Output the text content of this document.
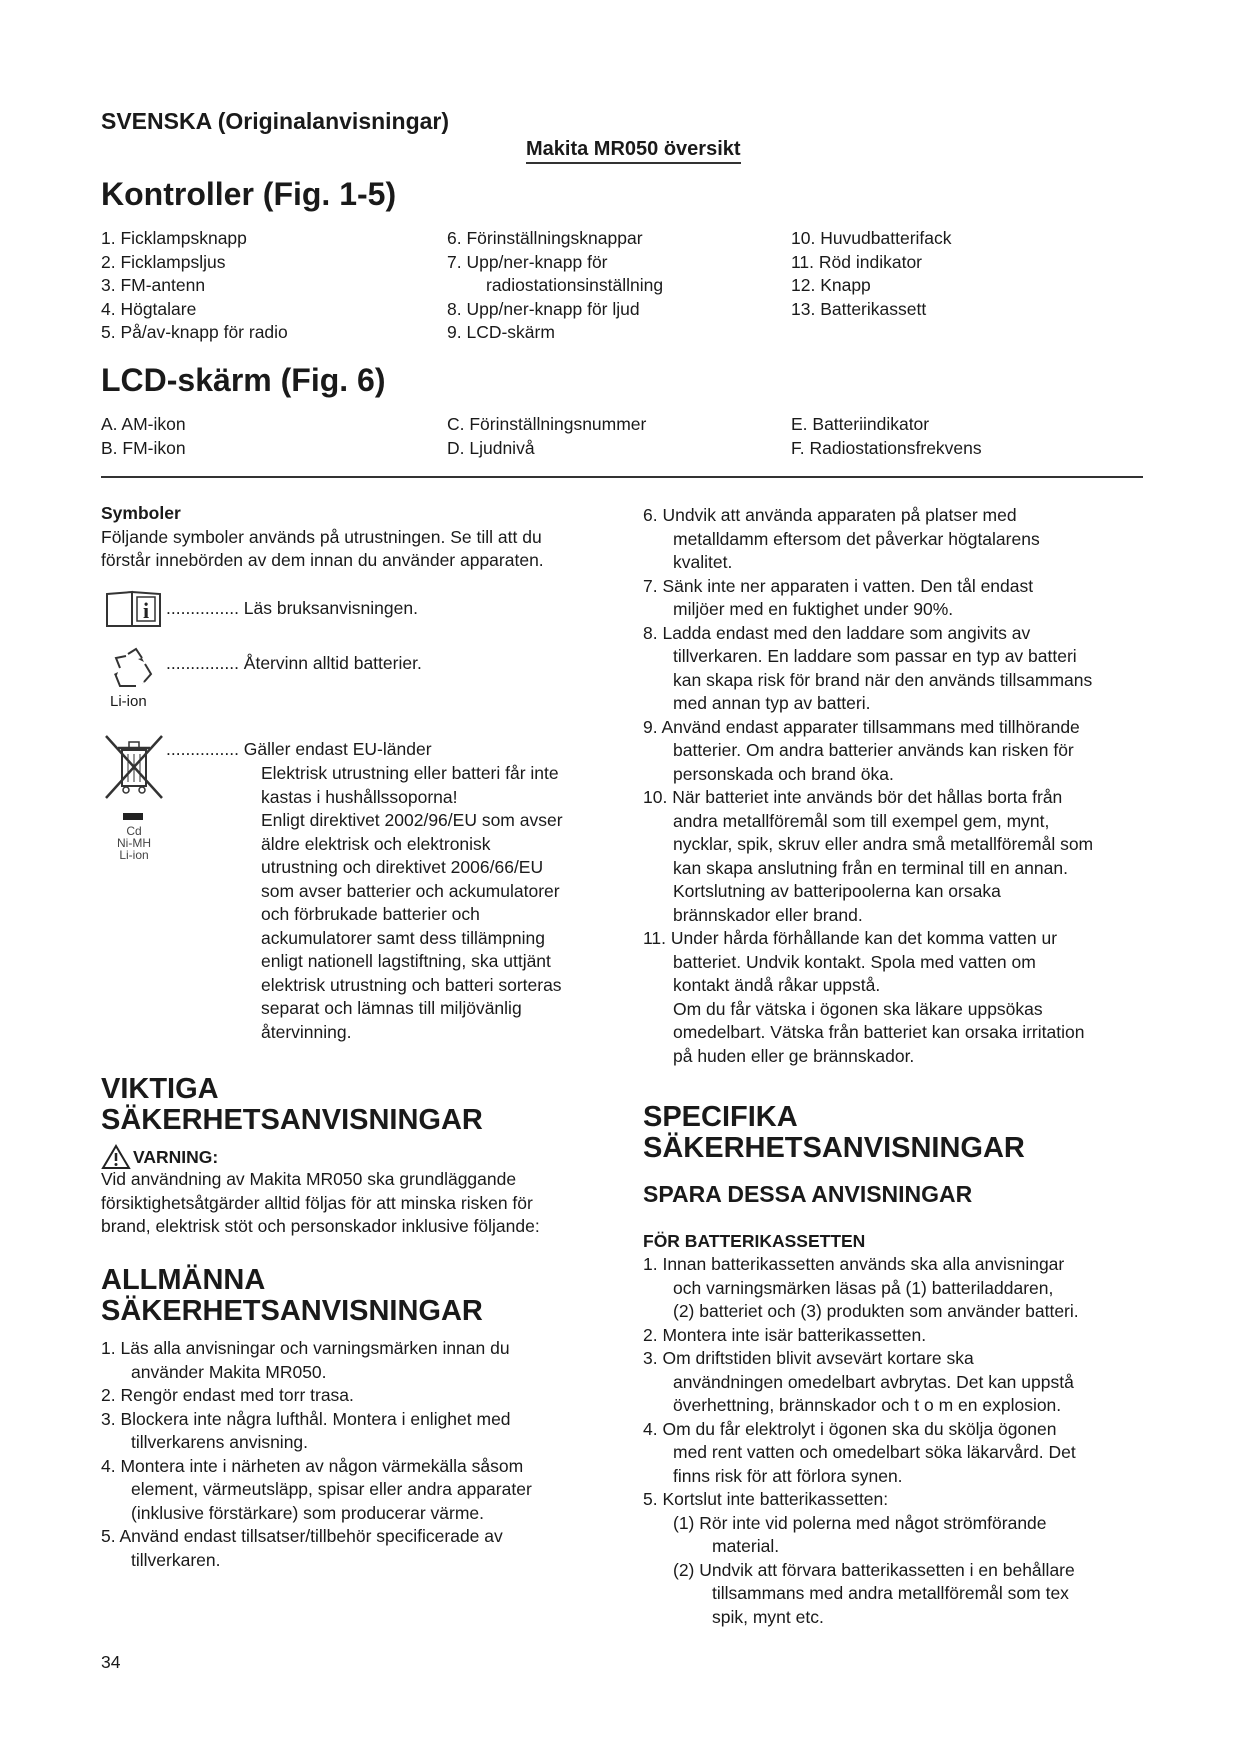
SVENSKA (Originalanvisningar)
Makita MR050 översikt
Kontroller (Fig. 1-5)
1. Ficklampsknapp
2. Ficklampsljus
3. FM-antenn
4. Högtalare
5. På/av-knapp för radio
6. Förinställningsknappar
7. Upp/ner-knapp för
radiostationsinställning
8. Upp/ner-knapp för ljud
9. LCD-skärm
10. Huvudbatterifack
11. Röd indikator
12. Knapp
13. Batterikassett
LCD-skärm (Fig. 6)
A. AM-ikon
B. FM-ikon
C. Förinställningsnummer
D. Ljudnivå
E. Batteriindikator
F. Radiostationsfrekvens
Symboler
Följande symboler används på utrustningen. Se till att du
förstår innebörden av dem innan du använder apparaten.
i ............... Läs bruksanvisningen.
Li-ion
............... Återvinn alltid batterier.
Cd
Ni-MH
Li-ion
............... Gäller endast EU-länder
Elektrisk utrustning eller batteri får inte
kastas i hushållssoporna!
Enligt direktivet 2002/96/EU som avser
äldre elektrisk och elektronisk
utrustning och direktivet 2006/66/EU
som avser batterier och ackumulatorer
och förbrukade batterier och
ackumulatorer samt dess tillämpning
enligt nationell lagstiftning, ska uttjänt
elektrisk utrustning och batteri sorteras
separat och lämnas till miljövänlig
återvinning.
VIKTIGA
SÄKERHETSANVISNINGAR
VARNING:
Vid användning av Makita MR050 ska grundläggande
försiktighetsåtgärder alltid följas för att minska risken för
brand, elektrisk stöt och personskador inklusive följande:
ALLMÄNNA
SÄKERHETSANVISNINGAR
1. Läs alla anvisningar och varningsmärken innan du
använder Makita MR050.
2. Rengör endast med torr trasa.
3. Blockera inte några lufthål. Montera i enlighet med
tillverkarens anvisning.
4. Montera inte i närheten av någon värmekälla såsom
element, värmeutsläpp, spisar eller andra apparater
(inklusive förstärkare) som producerar värme.
5. Använd endast tillsatser/tillbehör specificerade av
tillverkaren.
6. Undvik att använda apparaten på platser med
metalldamm eftersom det påverkar högtalarens
kvalitet.
7. Sänk inte ner apparaten i vatten. Den tål endast
miljöer med en fuktighet under 90%.
8. Ladda endast med den laddare som angivits av
tillverkaren. En laddare som passar en typ av batteri
kan skapa risk för brand när den används tillsammans
med annan typ av batteri.
9. Använd endast apparater tillsammans med tillhörande
batterier. Om andra batterier används kan risken för
personskada och brand öka.
10. När batteriet inte används bör det hållas borta från
andra metallföremål som till exempel gem, mynt,
nycklar, spik, skruv eller andra små metallföremål som
kan skapa anslutning från en terminal till en annan.
Kortslutning av batteripoolerna kan orsaka
brännskador eller brand.
11. Under hårda förhållande kan det komma vatten ur
batteriet. Undvik kontakt. Spola med vatten om
kontakt ändå råkar uppstå.
Om du får vätska i ögonen ska läkare uppsökas
omedelbart. Vätska från batteriet kan orsaka irritation
på huden eller ge brännskador.
SPECIFIKA
SÄKERHETSANVISNINGAR
SPARA DESSA ANVISNINGAR
FÖR BATTERIKASSETTEN
1. Innan batterikassetten används ska alla anvisningar
och varningsmärken läsas på (1) batteriladdaren,
(2) batteriet och (3) produkten som använder batteri.
2. Montera inte isär batterikassetten.
3. Om driftstiden blivit avsevärt kortare ska
användningen omedelbart avbrytas. Det kan uppstå
överhettning, brännskador och t o m en explosion.
4. Om du får elektrolyt i ögonen ska du skölja ögonen
med rent vatten och omedelbart söka läkarvård. Det
finns risk för att förlora synen.
5. Kortslut inte batterikassetten:
(1) Rör inte vid polerna med något strömförande
material.
(2) Undvik att förvara batterikassetten i en behållare
tillsammans med andra metallföremål som tex
spik, mynt etc.
34
